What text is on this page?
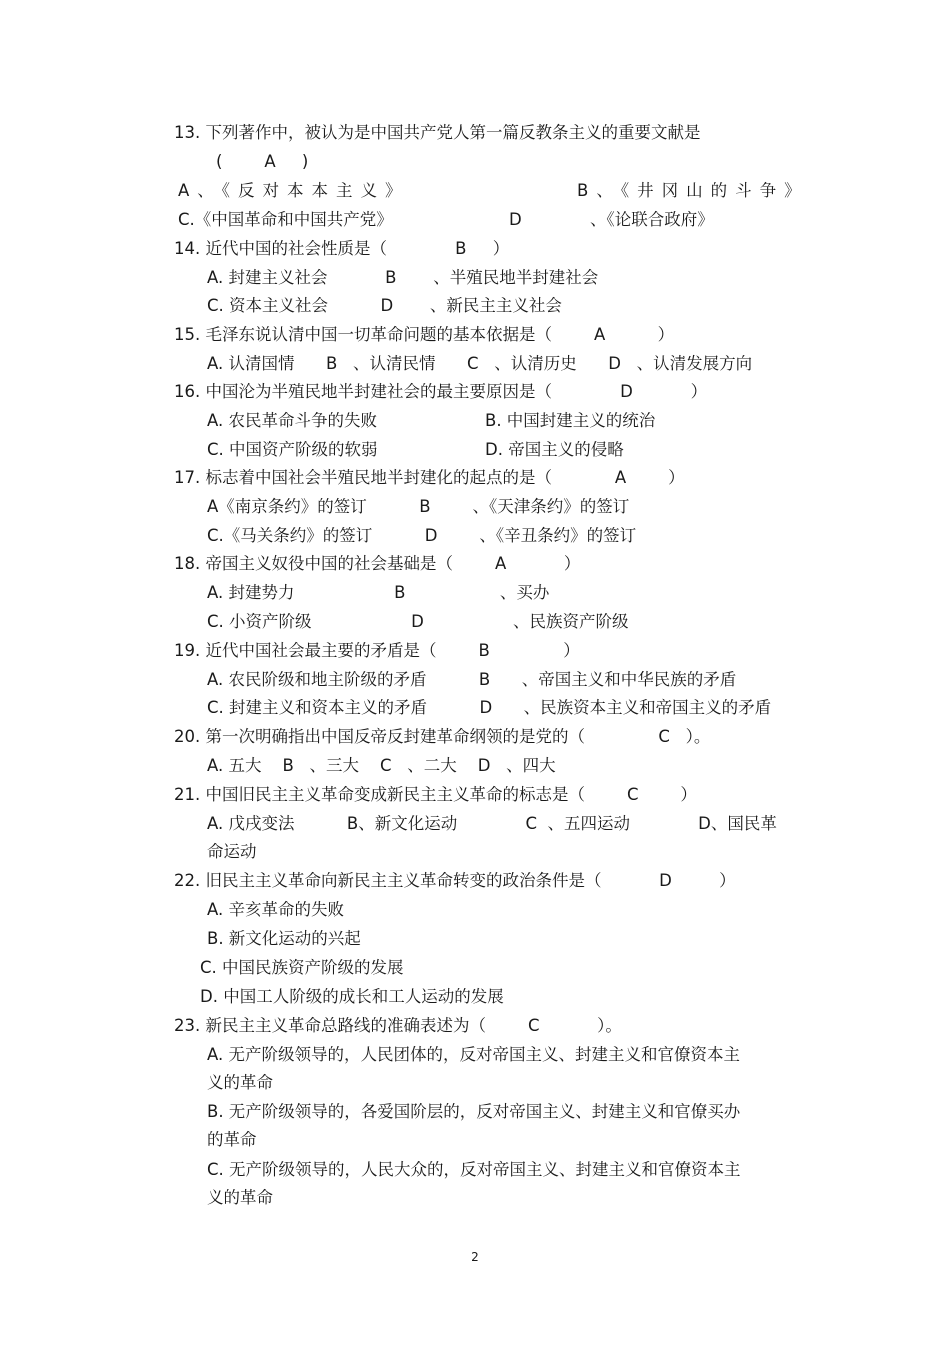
13. 下列著作中，被认为是中国共产党人第一篇反教条主义的重要文献是

(        A     )

A、《反对本本主义》

	B、《井冈山的斗争》

C.《中国革命和中国共产党》

	D

	、《论联合政府》

14. 近代中国的社会性质是（             B     ）

A. 封建主义社会           B       、半殖民地半封建社会

C. 资本主义社会          D       、新民主主义社会

15. 毛泽东说认清中国一切革命问题的基本依据是（        A          ）

A. 认清国情      B   、认清民情      C   、认清历史      D   、认清发展方向

16. 中国沦为半殖民地半封建社会的最主要原因是（             D           ）

A. 农民革命斗争的失败

	B. 中国封建主义的统治

C. 中国资产阶级的软弱

	D. 帝国主义的侵略

17. 标志着中国社会半殖民地半封建化的起点的是（            A        ）

A《南京条约》的签订          B        、《天津条约》的签订

C.《马关条约》的签订          D        、《辛丑条约》的签订

18. 帝国主义奴役中国的社会基础是（        A           ）

A. 封建势力                   B                  、买办

C. 小资产阶级                   D                 、民族资产阶级

19. 近代中国社会最主要的矛盾是（        B              ）

A. 农民阶级和地主阶级的矛盾          B      、帝国主义和中华民族的矛盾

C. 封建主义和资本主义的矛盾          D      、民族资本主义和帝国主义的矛盾

20. 第一次明确指出中国反帝反封建革命纲领的是党的（              C   ）。

A. 五大    B   、三大    C   、二大    D   、四大

21. 中国旧民主主义革命变成新民主主义革命的标志是（        C        ）

A. 戊戌变法          B、新文化运动             C  、五四运动             D、国民革

命运动

22. 旧民主主义革命向新民主主义革命转变的政治条件是（           D         ）

A. 辛亥革命的失败

B. 新文化运动的兴起

C. 中国民族资产阶级的发展

D. 中国工人阶级的成长和工人运动的发展

23. 新民主主义革命总路线的准确表述为（        C           ）。

A. 无产阶级领导的，人民团体的，反对帝国主义、封建主义和官僚资本主

义的革命

B. 无产阶级领导的，各爱国阶层的，反对帝国主义、封建主义和官僚买办

的革命

C. 无产阶级领导的，人民大众的，反对帝国主义、封建主义和官僚资本主

义的革命

2
